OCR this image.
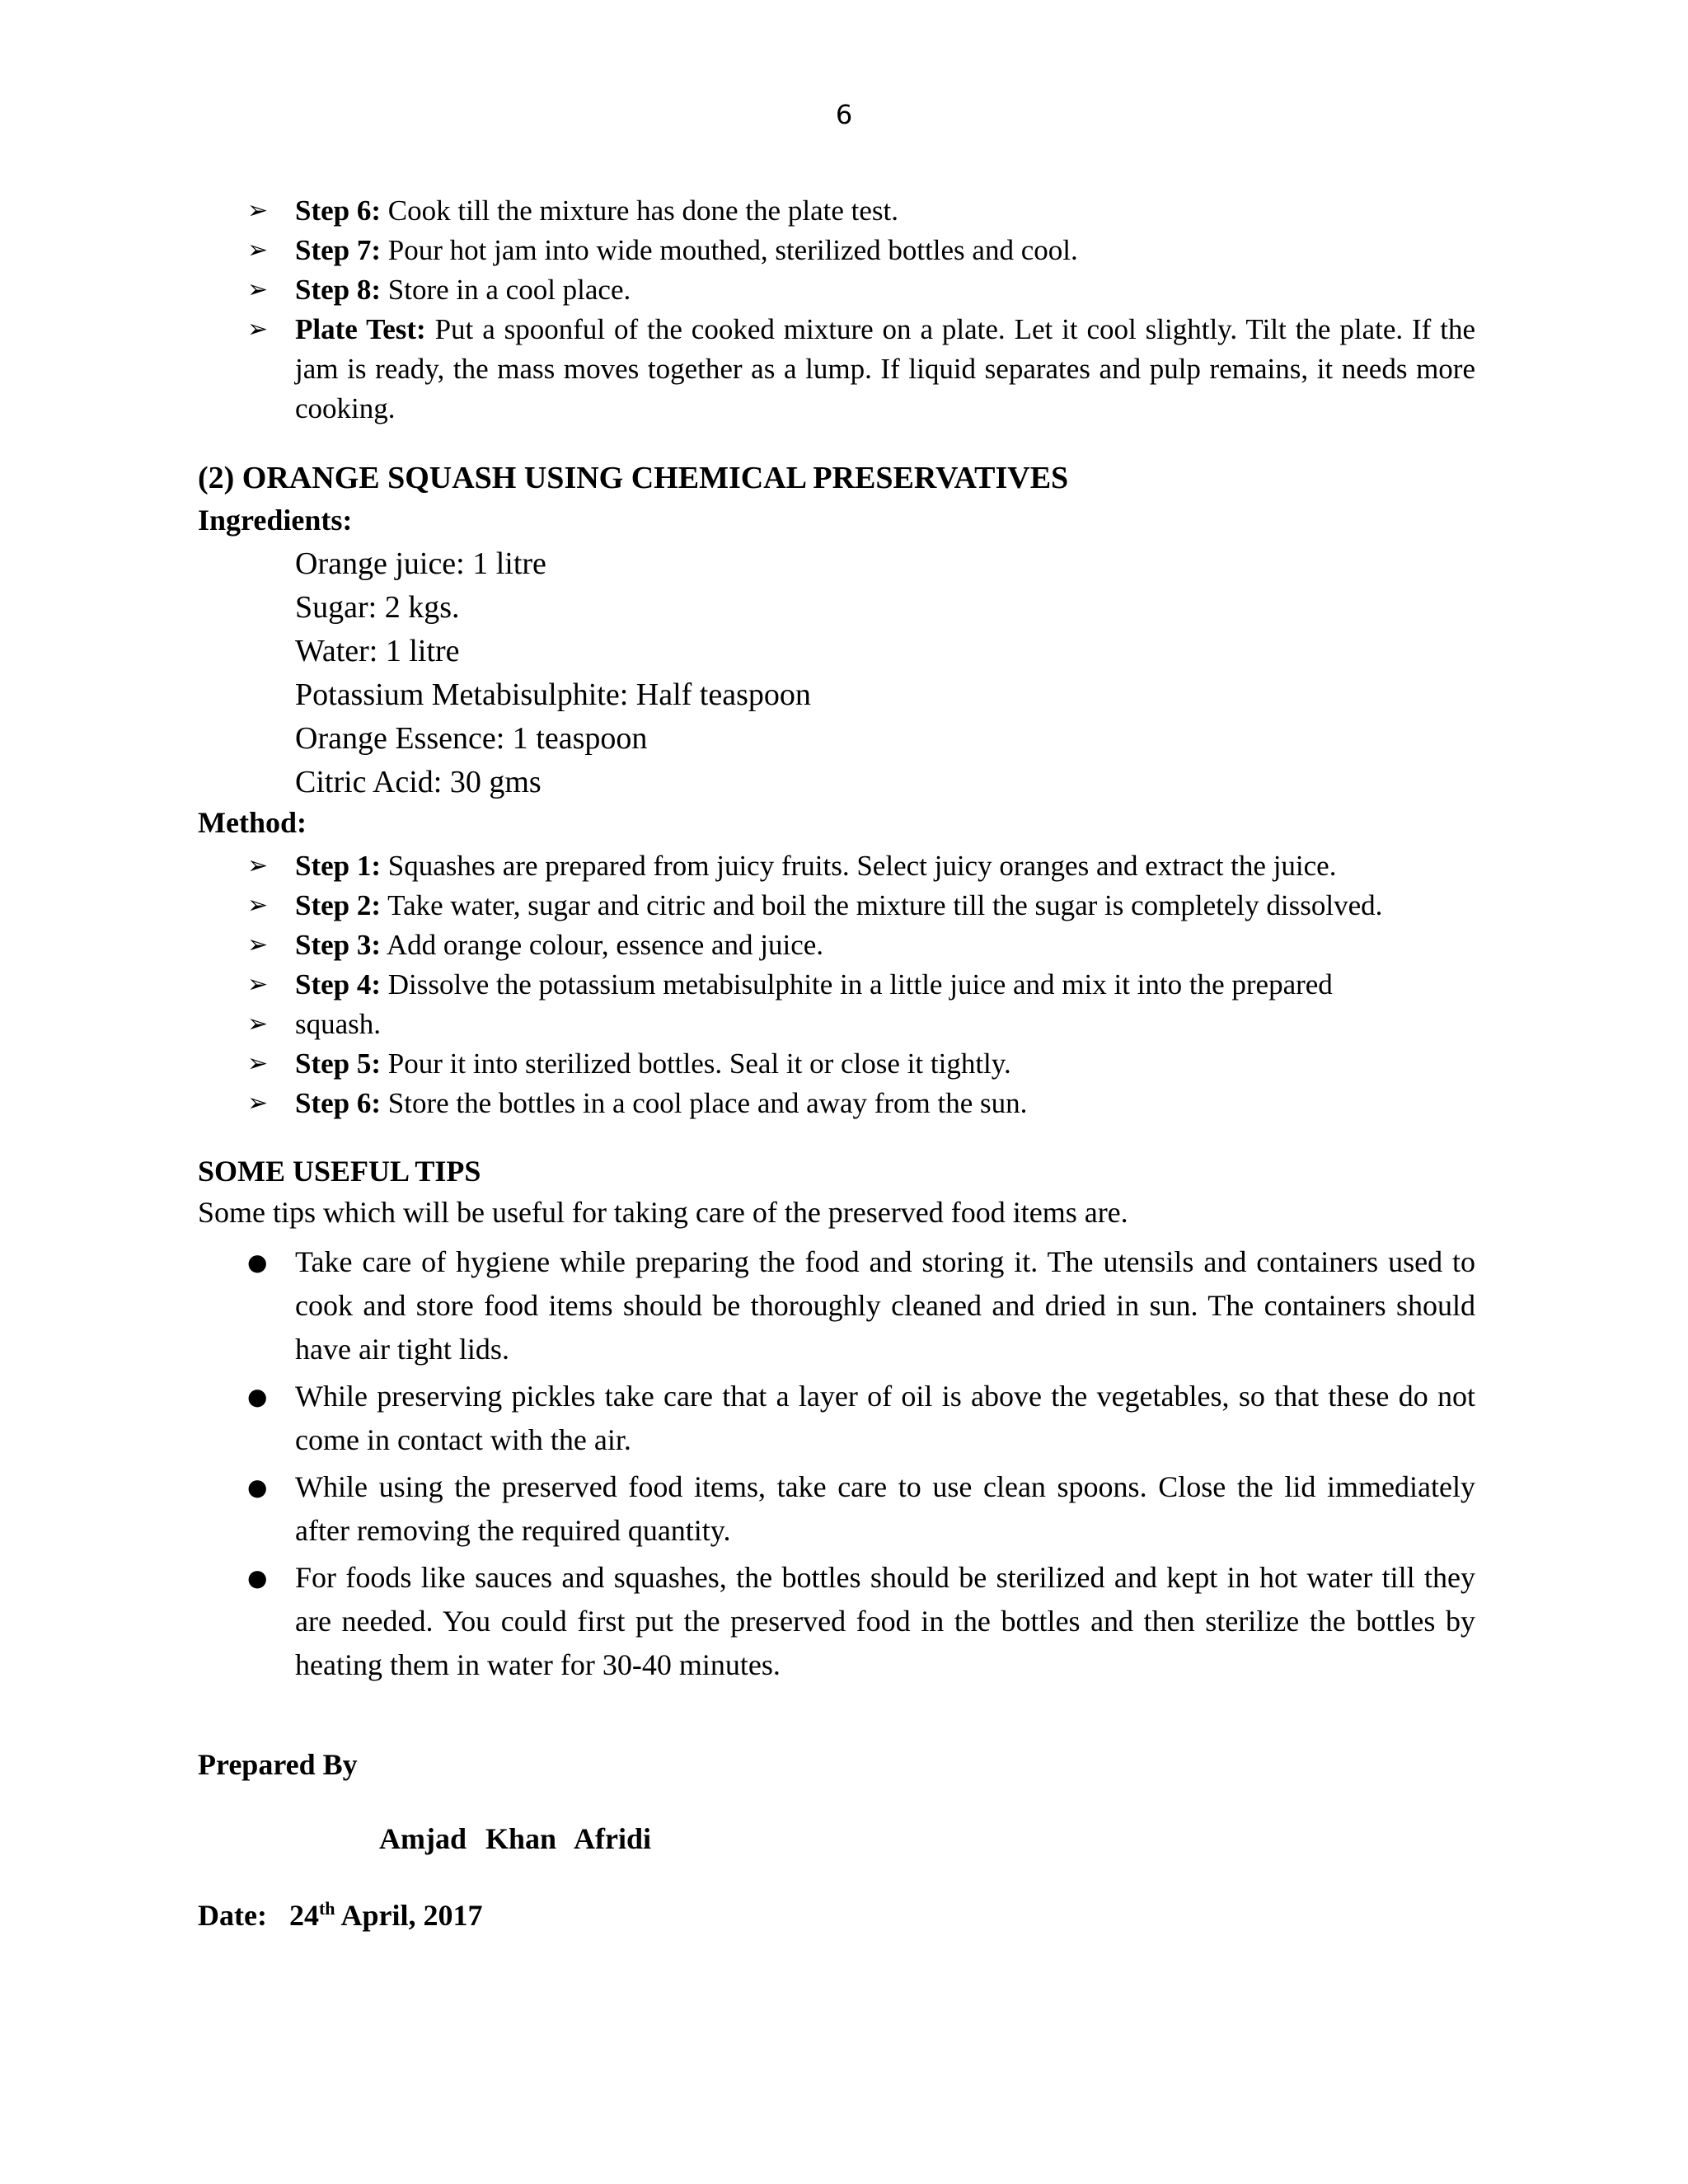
6
➢ Step 6: Cook till the mixture has done the plate test.
➢ Step 7: Pour hot jam into wide mouthed, sterilized bottles and cool.
➢ Step 8: Store in a cool place.
➢ Plate Test: Put a spoonful of the cooked mixture on a plate. Let it cool slightly. Tilt the plate. If the jam is ready, the mass moves together as a lump. If liquid separates and pulp remains, it needs more cooking.
(2) ORANGE SQUASH USING CHEMICAL PRESERVATIVES
Ingredients:
Orange juice: 1 litre
Sugar: 2 kgs.
Water: 1 litre
Potassium Metabisulphite: Half teaspoon
Orange Essence: 1 teaspoon
Citric Acid: 30 gms
Method:
➢ Step 1: Squashes are prepared from juicy fruits. Select juicy oranges and extract the juice.
➢ Step 2: Take water, sugar and citric and boil the mixture till the sugar is completely dissolved.
➢ Step 3: Add orange colour, essence and juice.
➢ Step 4: Dissolve the potassium metabisulphite in a little juice and mix it into the prepared
➢ squash.
➢ Step 5: Pour it into sterilized bottles. Seal it or close it tightly.
➢ Step 6: Store the bottles in a cool place and away from the sun.
SOME USEFUL TIPS
Some tips which will be useful for taking care of the preserved food items are.
● Take care of hygiene while preparing the food and storing it. The utensils and containers used to cook and store food items should be thoroughly cleaned and dried in sun. The containers should have air tight lids.
● While preserving pickles take care that a layer of oil is above the vegetables, so that these do not come in contact with the air.
● While using the preserved food items, take care to use clean spoons. Close the lid immediately after removing the required quantity.
● For foods like sauces and squashes, the bottles should be sterilized and kept in hot water till they are needed. You could first put the preserved food in the bottles and then sterilize the bottles by heating them in water for 30-40 minutes.
Prepared By
Amjad Khan Afridi
Date: 24th April, 2017
